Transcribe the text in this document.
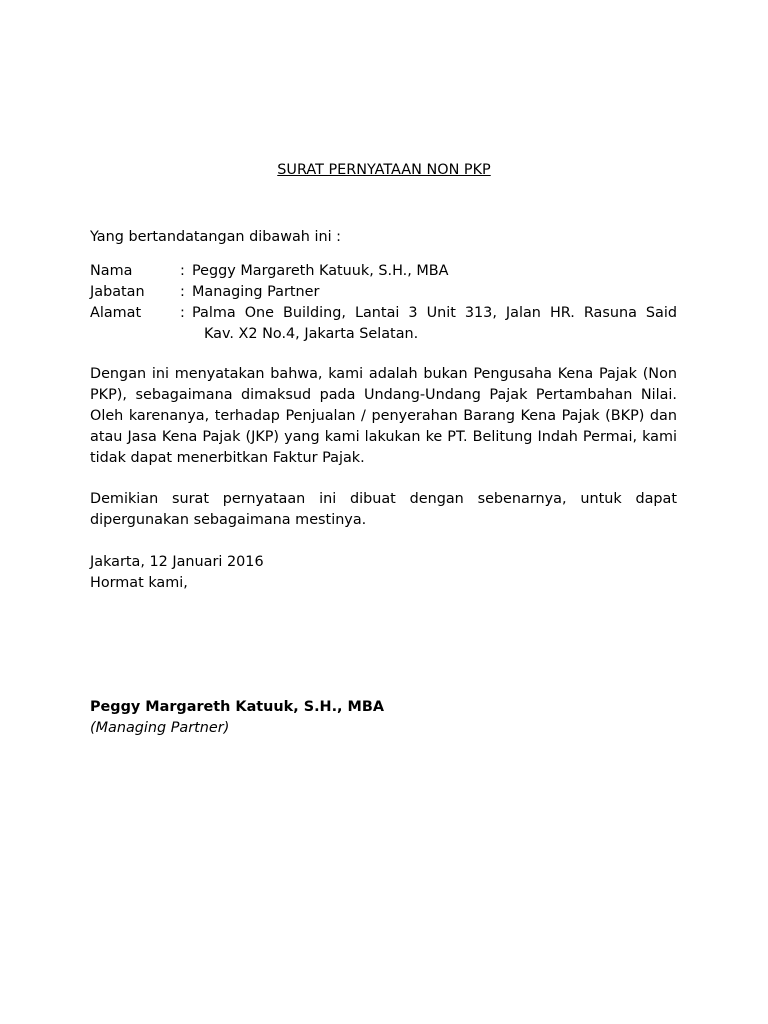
SURAT PERNYATAAN NON PKP

Yang bertandatangan dibawah ini :

Nama	: Peggy Margareth Katuuk, S.H., MBA
Jabatan	: Managing Partner
Alamat	: Palma One Building, Lantai 3 Unit 313, Jalan HR. Rasuna Said
Kav. X2 No.4, Jakarta Selatan.

Dengan ini menyatakan bahwa, kami adalah bukan Pengusaha Kena Pajak (Non PKP), sebagaimana dimaksud pada Undang-Undang Pajak Pertambahan Nilai. Oleh karenanya, terhadap Penjualan / penyerahan Barang Kena Pajak (BKP) dan atau Jasa Kena Pajak (JKP) yang kami lakukan ke PT. Belitung Indah Permai, kami tidak dapat menerbitkan Faktur Pajak.

Demikian surat pernyataan ini dibuat dengan sebenarnya, untuk dapat dipergunakan sebagaimana mestinya.

Jakarta, 12 Januari 2016

Hormat kami,

Peggy Margareth Katuuk, S.H., MBA

(Managing Partner)
